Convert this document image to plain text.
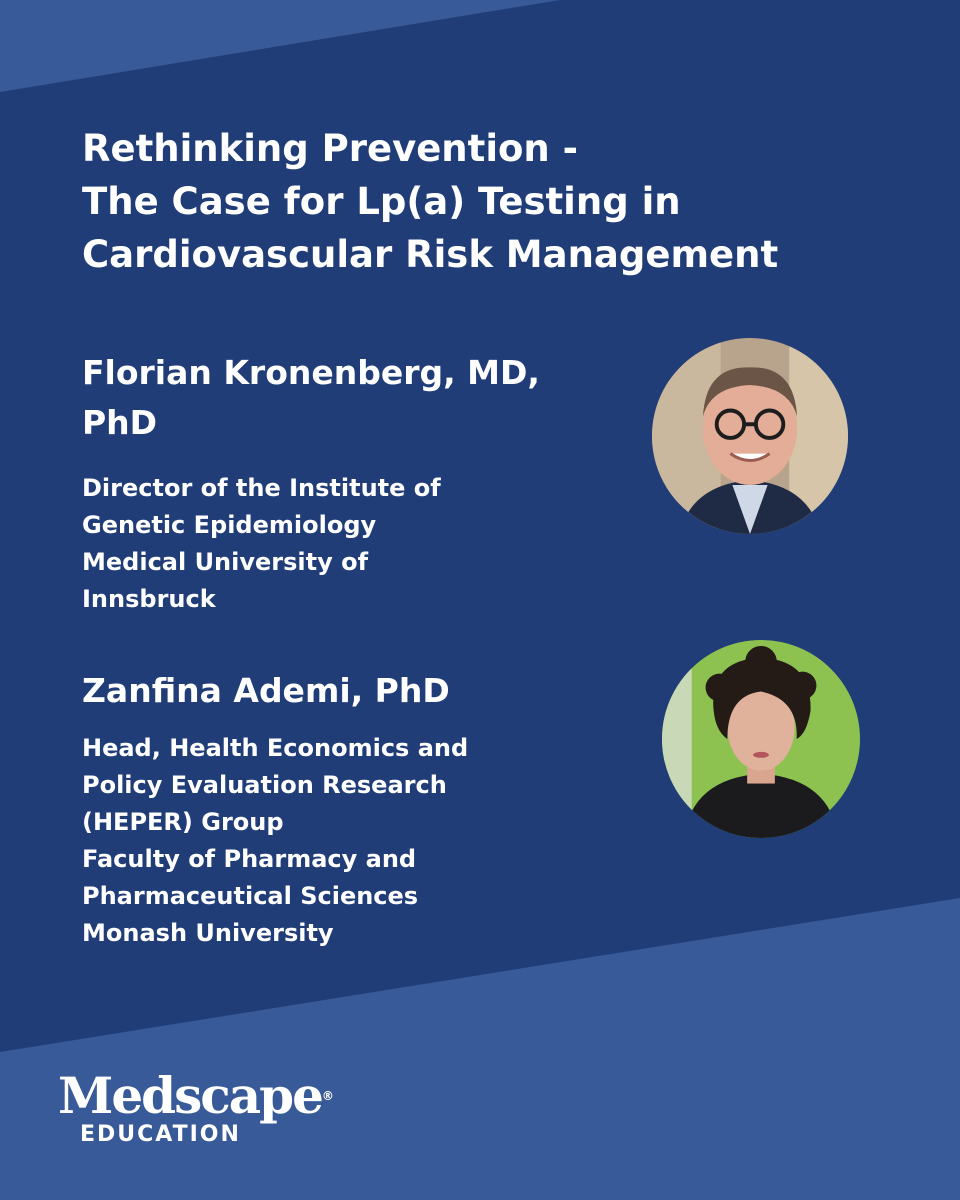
Rethinking Prevention -
The Case for Lp(a) Testing in
Cardiovascular Risk Management
Florian Kronenberg, MD,
PhD
Director of the Institute of
Genetic Epidemiology
Medical University of
Innsbruck
Zanfina Ademi, PhD
Head, Health Economics and
Policy Evaluation Research
(HEPER) Group
Faculty of Pharmacy and
Pharmaceutical Sciences
Monash University
Medscape®
EDUCATION
